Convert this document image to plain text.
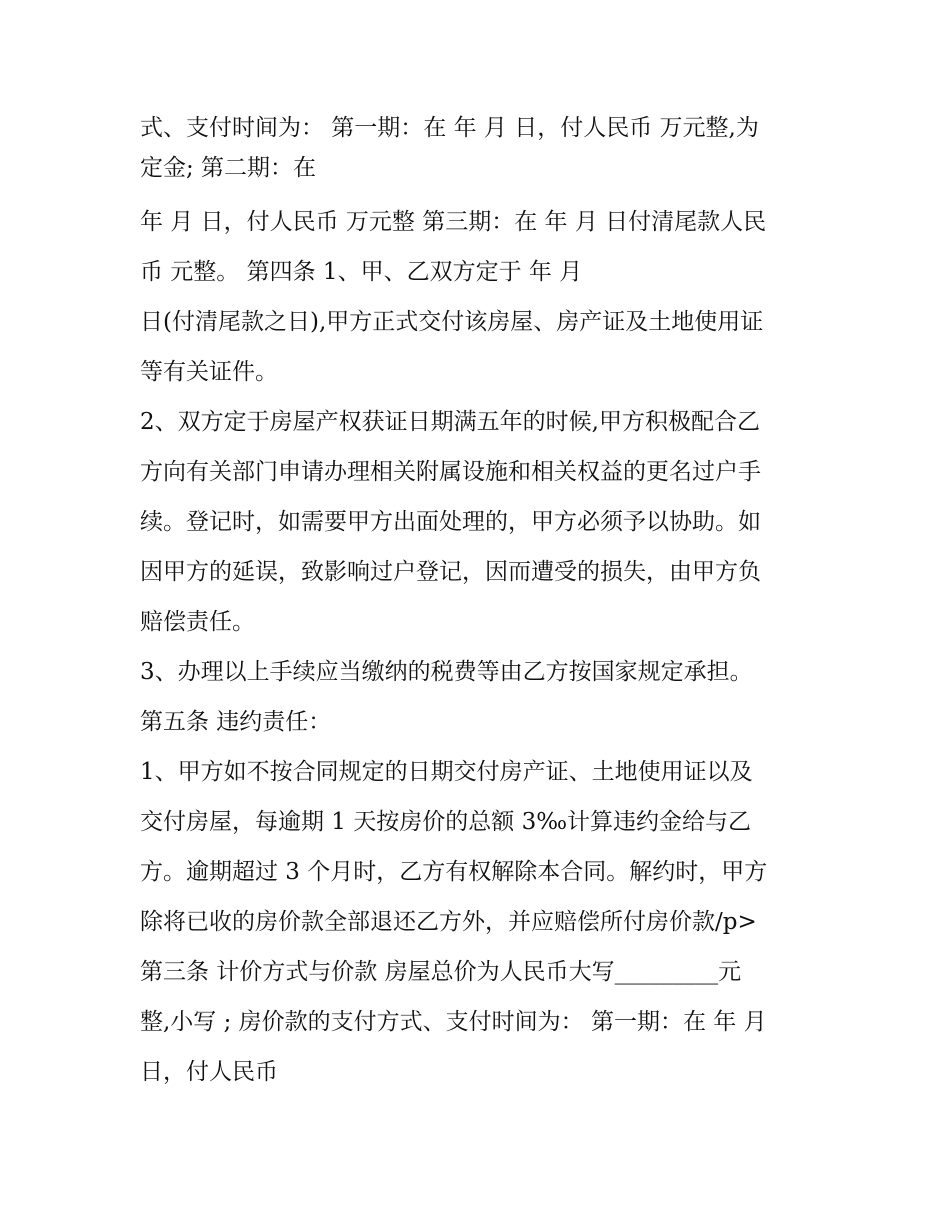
式、支付时间为： 第一期：在 年 月 日，付人民币 万元整,为
定金; 第二期：在
年 月 日，付人民币 万元整 第三期：在 年 月 日付清尾款人民
币 元整。 第四条 1、甲、乙双方定于 年 月
日(付清尾款之日),甲方正式交付该房屋、房产证及土地使用证
等有关证件。
2、双方定于房屋产权获证日期满五年的时候,甲方积极配合乙
方向有关部门申请办理相关附属设施和相关权益的更名过户手
续。登记时，如需要甲方出面处理的，甲方必须予以协助。如
因甲方的延误，致影响过户登记，因而遭受的损失，由甲方负
赔偿责任。
3、办理以上手续应当缴纳的税费等由乙方按国家规定承担。
第五条 违约责任：
1、甲方如不按合同规定的日期交付房产证、土地使用证以及
交付房屋，每逾期 1 天按房价的总额 3‰计算违约金给与乙
方。逾期超过 3 个月时，乙方有权解除本合同。解约时，甲方
除将已收的房价款全部退还乙方外，并应赔偿所付房价款/p>
第三条 计价方式与价款 房屋总价为人民币大写_________元
整,小写 ; 房价款的支付方式、支付时间为： 第一期：在 年 月
日，付人民币
